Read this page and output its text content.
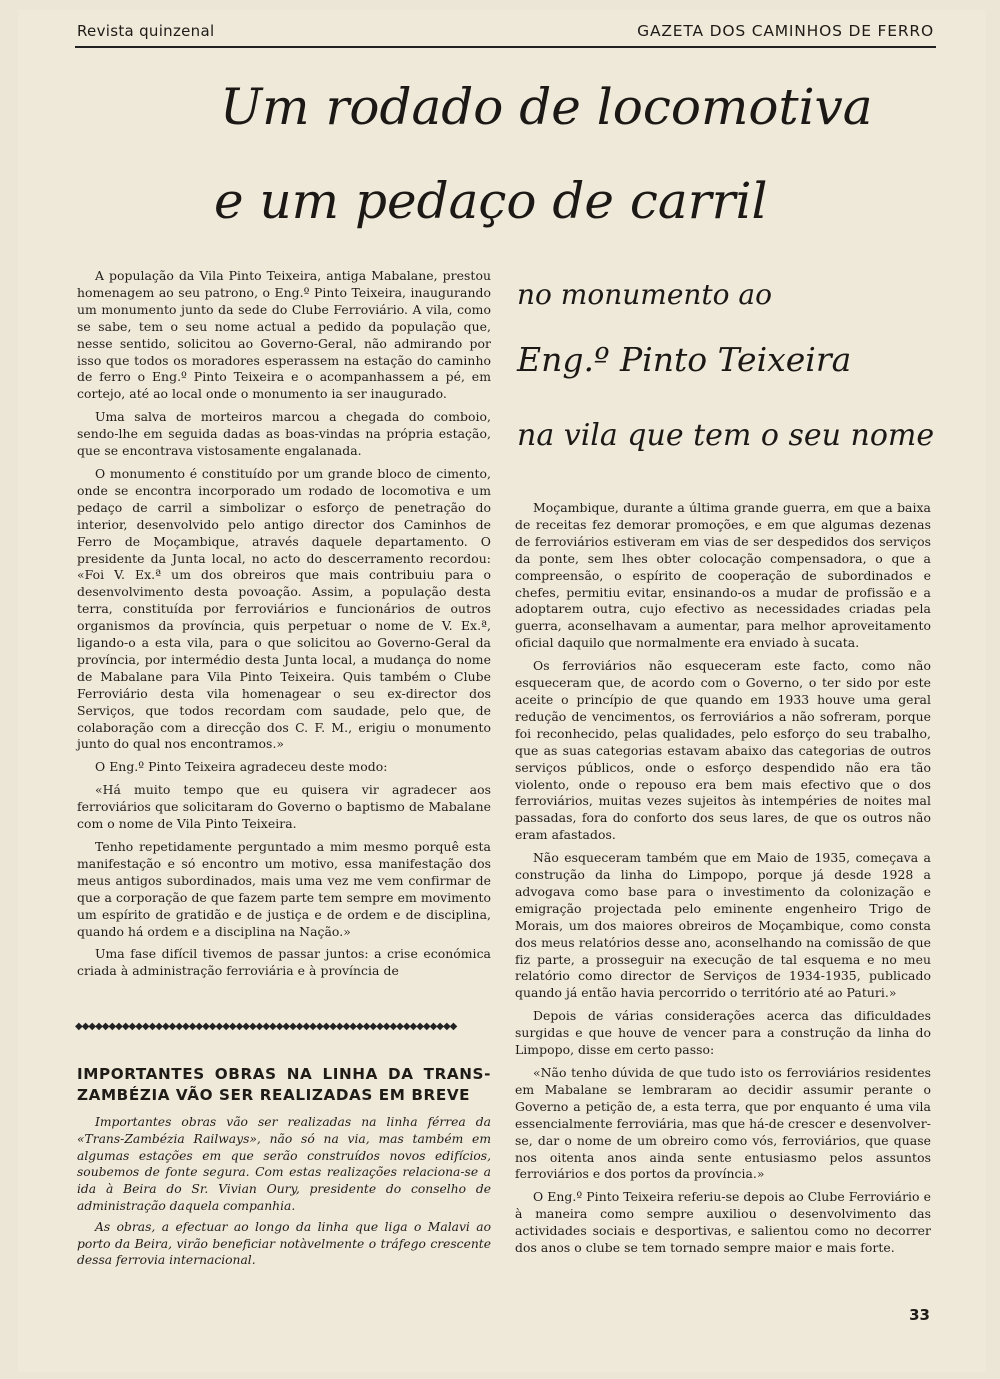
Revista quinzenal	GAZETA DOS CAMINHOS DE FERRO
Um rodado de locomotiva
e um pedaço de carril
no monumento ao
Eng.º Pinto Teixeira
na vila que tem o seu nome

A população da Vila Pinto Teixeira, antiga Mabalane, prestou homenagem ao seu patrono, o Eng.º Pinto Teixeira, inaugurando um monumento junto da sede do Clube Ferroviário. A vila, como se sabe, tem o seu nome actual a pedido da população que, nesse sentido, solicitou ao Governo-Geral, não admirando por isso que todos os moradores esperassem na estação do caminho de ferro o Eng.º Pinto Teixeira e o acompanhassem a pé, em cortejo, até ao local onde o monumento ia ser inaugurado.

Uma salva de morteiros marcou a chegada do comboio, sendo-lhe em seguida dadas as boas-vindas na própria estação, que se encontrava vistosamente engalanada.

O monumento é constituído por um grande bloco de cimento, onde se encontra incorporado um rodado de locomotiva e um pedaço de carril a simbolizar o esforço de penetração do interior, desenvolvido pelo antigo director dos Caminhos de Ferro de Moçambique, através daquele departamento. O presidente da Junta local, no acto do descerramento recordou: «Foi V. Ex.ª um dos obreiros que mais contribuiu para o desenvolvimento desta povoação. Assim, a população desta terra, constituída por ferroviários e funcionários de outros organismos da província, quis perpetuar o nome de V. Ex.ª, ligando-o a esta vila, para o que solicitou ao Governo-Geral da província, por intermédio desta Junta local, a mudança do nome de Mabalane para Vila Pinto Teixeira. Quis também o Clube Ferroviário desta vila homenagear o seu ex-director dos Serviços, que todos recordam com saudade, pelo que, de colaboração com a direcção dos C. F. M., erigiu o monumento junto do qual nos encontramos.»

O Eng.º Pinto Teixeira agradeceu deste modo:

«Há muito tempo que eu quisera vir agradecer aos ferroviários que solicitaram do Governo o baptismo de Mabalane com o nome de Vila Pinto Teixeira.

Tenho repetidamente perguntado a mim mesmo porquê esta manifestação e só encontro um motivo, essa manifestação dos meus antigos subordinados, mais uma vez me vem confirmar de que a corporação de que fazem parte tem sempre em movimento um espírito de gratidão e de justiça e de ordem e de disciplina, quando há ordem e a disciplina na Nação.»

Uma fase difícil tivemos de passar juntos: a crise económica criada à administração ferroviária e à província de

Moçambique, durante a última grande guerra, em que a baixa de receitas fez demorar promoções, e em que algumas dezenas de ferroviários estiveram em vias de ser despedidos dos serviços da ponte, sem lhes obter colocação compensadora, o que a compreensão, o espírito de cooperação de subordinados e chefes, permitiu evitar, ensinando-os a mudar de profissão e a adoptarem outra, cujo efectivo as necessidades criadas pela guerra, aconselhavam a aumentar, para melhor aproveitamento oficial daquilo que normalmente era enviado à sucata.

Os ferroviários não esqueceram este facto, como não esqueceram que, de acordo com o Governo, o ter sido por este aceite o princípio de que quando em 1933 houve uma geral redução de vencimentos, os ferroviários a não sofreram, porque foi reconhecido, pelas qualidades, pelo esforço do seu trabalho, que as suas categorias estavam abaixo das categorias de outros serviços públicos, onde o esforço despendido não era tão violento, onde o repouso era bem mais efectivo que o dos ferroviários, muitas vezes sujeitos às intempéries de noites mal passadas, fora do conforto dos seus lares, de que os outros não eram afastados.

Não esqueceram também que em Maio de 1935, começava a construção da linha do Limpopo, porque já desde 1928 a advogava como base para o investimento da colonização e emigração projectada pelo eminente engenheiro Trigo de Morais, um dos maiores obreiros de Moçambique, como consta dos meus relatórios desse ano, aconselhando na comissão de que fiz parte, a prosseguir na execução de tal esquema e no meu relatório como director de Serviços de 1934-1935, publicado quando já então havia percorrido o território até ao Paturi.»

Depois de várias considerações acerca das dificuldades surgidas e que houve de vencer para a construção da linha do Limpopo, disse em certo passo:

«Não tenho dúvida de que tudo isto os ferroviários residentes em Mabalane se lembraram ao decidir assumir perante o Governo a petição de, a esta terra, que por enquanto é uma vila essencialmente ferroviária, mas que há-de crescer e desenvolver-se, dar o nome de um obreiro como vós, ferroviários, que quase nos oitenta anos ainda sente entusiasmo pelos assuntos ferroviários e dos portos da província.»

O Eng.º Pinto Teixeira referiu-se depois ao Clube Ferroviário e à maneira como sempre auxiliou o desenvolvimento das actividades sociais e desportivas, e salientou como no decorrer dos anos o clube se tem tornado sempre maior e mais forte.

◆◆◆◆◆◆◆◆◆◆◆◆◆◆◆◆◆◆◆◆◆◆◆◆◆◆◆◆◆◆◆◆◆◆◆◆◆◆◆◆◆◆◆◆◆◆◆◆◆◆◆◆◆◆◆◆◆
IMPORTANTES OBRAS NA LINHA DA TRANS-ZAMBÉZIA VÃO SER REALIZADAS EM BREVE

Importantes obras vão ser realizadas na linha férrea da «Trans-Zambézia Railways», não só na via, mas também em algumas estações em que serão construídos novos edifícios, soubemos de fonte segura. Com estas realizações relaciona-se a ida à Beira do Sr. Vivian Oury, presidente do conselho de administração daquela companhia.

As obras, a efectuar ao longo da linha que liga o Malavi ao porto da Beira, virão beneficiar notàvelmente o tráfego crescente dessa ferrovia internacional.

33
